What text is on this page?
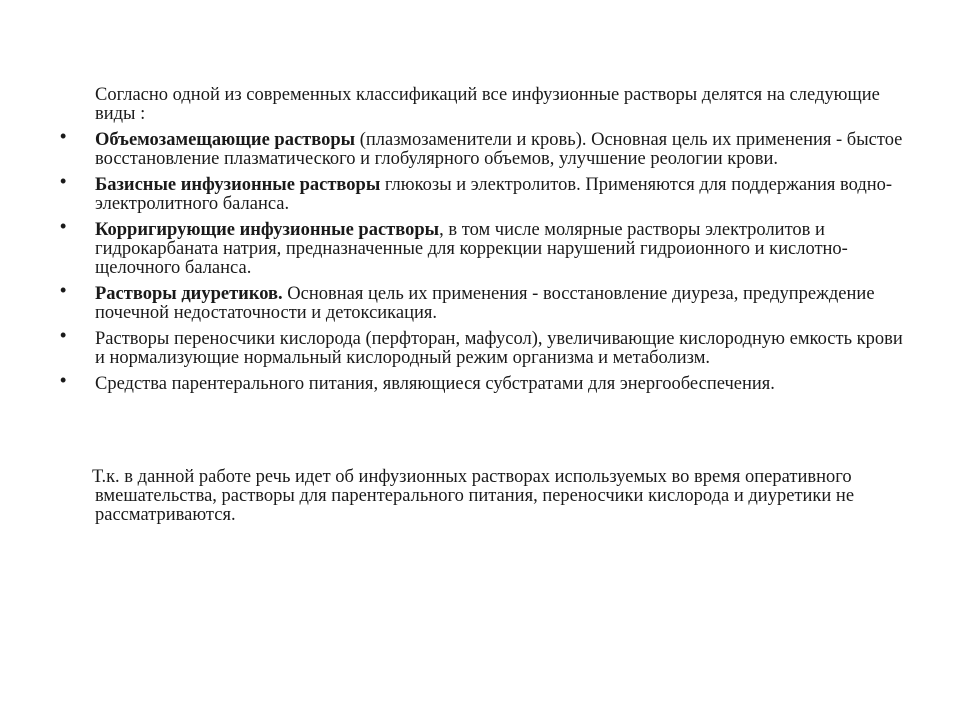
Согласно одной из современных классификаций все инфузионные растворы делятся на следующие виды :

• Объемозамещающие растворы (плазмозаменители и кровь). Основная цель их применения - быстое восстановление плазматического и глобулярного объемов, улучшение реологии крови.
• Базисные инфузионные растворы глюкозы и электролитов. Применяются для поддержания водно-электролитного баланса.
• Корригирующие инфузионные растворы, в том числе молярные растворы электролитов и гидрокарбаната натрия, предназначенные для коррекции нарушений гидроионного и кислотно-щелочного баланса.
• Растворы диуретиков. Основная цель их применения - восстановление диуреза, предупреждение почечной недостаточности и детоксикация.
• Растворы переносчики кислорода (перфторан, мафусол), увеличивающие кислородную емкость крови и нормализующие нормальный кислородный режим организма и метаболизм.
• Средства парентерального питания, являющиеся субстратами для энергообеспечения.

Т.к. в данной работе речь идет об инфузионных растворах используемых во время оперативного вмешательства, растворы для парентерального питания, переносчики кислорода и диуретики не рассматриваются.
